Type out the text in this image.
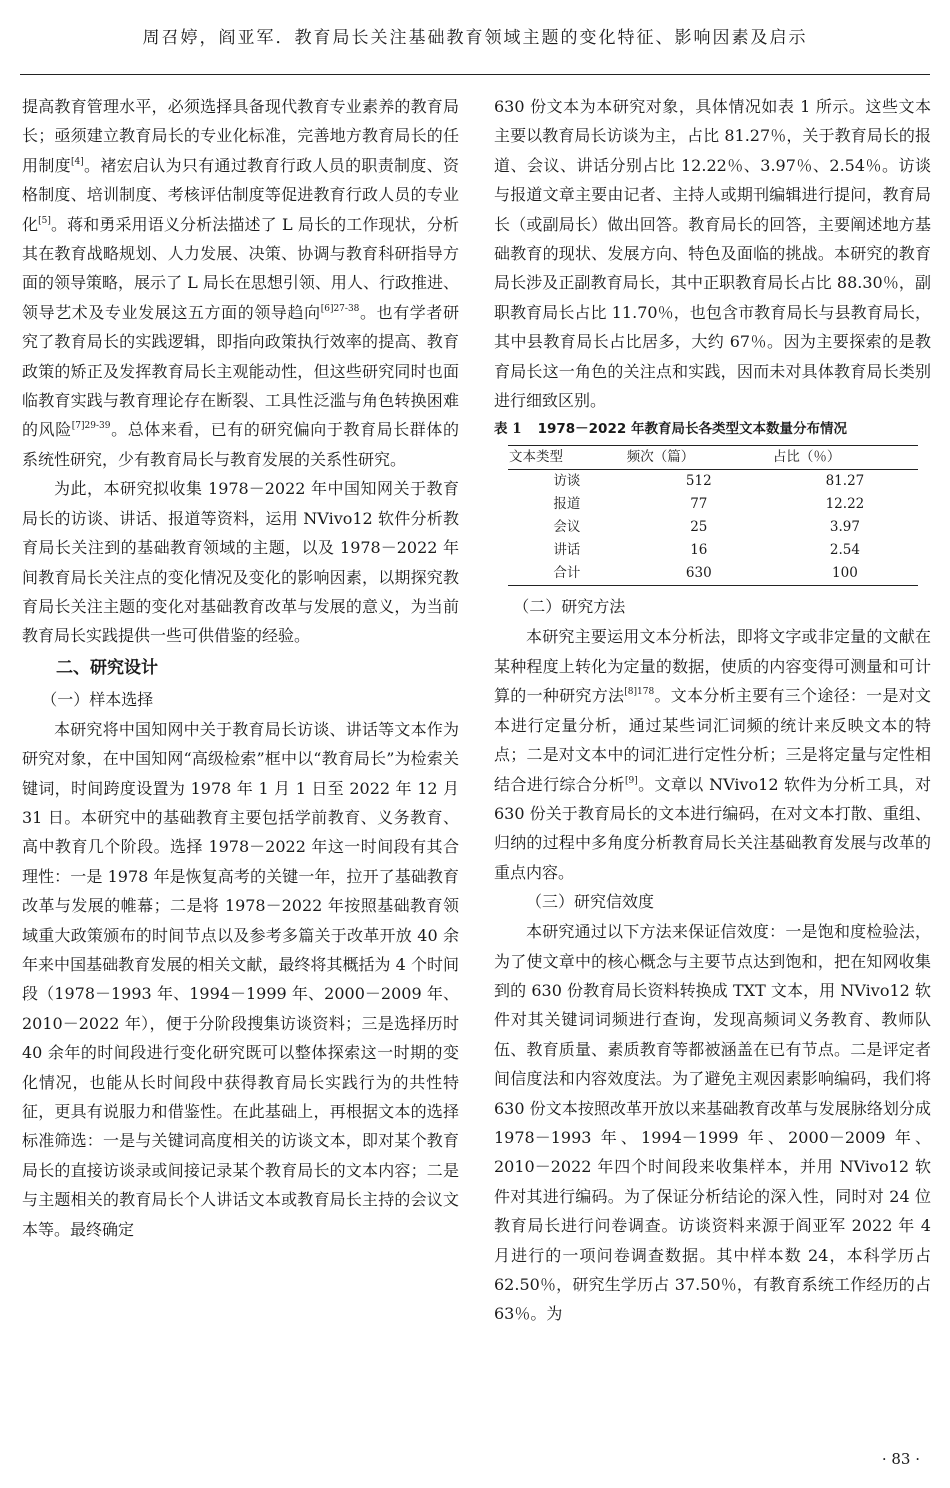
周召婷，阎亚军．教育局长关注基础教育领域主题的变化特征、影响因素及启示

提高教育管理水平，必须选择具备现代教育专业素养的教育局长；亟须建立教育局长的专业化标准，完善地方教育局长的任用制度[4]。褚宏启认为只有通过教育行政人员的职责制度、资格制度、培训制度、考核评估制度等促进教育行政人员的专业化[5]。蒋和勇采用语义分析法描述了 L 局长的工作现状，分析其在教育战略规划、人力发展、决策、协调与教育科研指导方面的领导策略，展示了 L 局长在思想引领、用人、行政推进、领导艺术及专业发展这五方面的领导趋向$^{[6]27-38}$。也有学者研究了教育局长的实践逻辑，即指向政策执行效率的提高、教育政策的矫正及发挥教育局长主观能动性，但这些研究同时也面临教育实践与教育理论存在断裂、工具性泛滥与角色转换困难的风险$^{[7]29-39}$。总体来看，已有的研究偏向于教育局长群体的系统性研究，少有教育局长与教育发展的关系性研究。

为此，本研究拟收集 1978－2022 年中国知网关于教育局长的访谈、讲话、报道等资料，运用 NVivo12 软件分析教育局长关注到的基础教育领域的主题，以及 1978－2022 年间教育局长关注点的变化情况及变化的影响因素，以期探究教育局长关注主题的变化对基础教育改革与发展的意义，为当前教育局长实践提供一些可供借鉴的经验。

二、研究设计
（一）样本选择

本研究将中国知网中关于教育局长访谈、讲话等文本作为研究对象，在中国知网“高级检索”框中以“教育局长”为检索关键词，时间跨度设置为 1978 年 1 月 1 日至 2022 年 12 月 31 日。本研究中的基础教育主要包括学前教育、义务教育、高中教育几个阶段。选择 1978－2022 年这一时间段有其合理性：一是 1978 年是恢复高考的关键一年，拉开了基础教育改革与发展的帷幕；二是将 1978－2022 年按照基础教育领域重大政策颁布的时间节点以及参考多篇关于改革开放 40 余年来中国基础教育发展的相关文献，最终将其概括为 4 个时间段（1978－1993 年、1994－1999 年、2000－2009 年、2010－2022 年），便于分阶段搜集访谈资料；三是选择历时 40 余年的时间段进行变化研究既可以整体探索这一时期的变化情况，也能从长时间段中获得教育局长实践行为的共性特征，更具有说服力和借鉴性。在此基础上，再根据文本的选择标准筛选：一是与关键词高度相关的访谈文本，即对某个教育局长的直接访谈录或间接记录某个教育局长的文本内容；二是与主题相关的教育局长个人讲话文本或教育局长主持的会议文本等。最终确定

630 份文本为本研究对象，具体情况如表 1 所示。这些文本主要以教育局长访谈为主，占比 81.27％，关于教育局长的报道、会议、讲话分别占比 12.22％、3.97％、2.54％。访谈与报道文章主要由记者、主持人或期刊编辑进行提问，教育局长（或副局长）做出回答。教育局长的回答，主要阐述地方基础教育的现状、发展方向、特色及面临的挑战。本研究的教育局长涉及正副教育局长，其中正职教育局长占比 88.30％，副职教育局长占比 11.70％，也包含市教育局长与县教育局长，其中县教育局长占比居多，大约 67％。因为主要探索的是教育局长这一角色的关注点和实践，因而未对具体教育局长类别进行细致区别。

表 1 1978－2022 年教育局长各类型文本数量分布情况
文本类型	频次（篇）	占比（％）
访谈	512	81.27
报道	77	12.22
会议	25	3.97
讲话	16	2.54
合计	630	100
（二）研究方法

本研究主要运用文本分析法，即将文字或非定量的文献在某种程度上转化为定量的数据，使质的内容变得可测量和可计算的一种研究方法$^{[8]178}$。文本分析主要有三个途径：一是对文本进行定量分析，通过某些词汇词频的统计来反映文本的特点；二是对文本中的词汇进行定性分析；三是将定量与定性相结合进行综合分析[9]。文章以 NVivo12 软件为分析工具，对 630 份关于教育局长的文本进行编码，在对文本打散、重组、归纳的过程中多角度分析教育局长关注基础教育发展与改革的重点内容。

（三）研究信效度

本研究通过以下方法来保证信效度：一是饱和度检验法，为了使文章中的核心概念与主要节点达到饱和，把在知网收集到的 630 份教育局长资料转换成 TXT 文本，用 NVivo12 软件对其关键词词频进行查询，发现高频词义务教育、教师队伍、教育质量、素质教育等都被涵盖在已有节点。二是评定者间信度法和内容效度法。为了避免主观因素影响编码，我们将 630 份文本按照改革开放以来基础教育改革与发展脉络划分成 1978－1993 年、1994－1999 年、2000－2009 年、2010－2022 年四个时间段来收集样本，并用 NVivo12 软件对其进行编码。为了保证分析结论的深入性，同时对 24 位教育局长进行问卷调查。访谈资料来源于阎亚军 2022 年 4 月进行的一项问卷调查数据。其中样本数 24，本科学历占 62.50％，研究生学历占 37.50％，有教育系统工作经历的占 63％。为

· 83 ·
